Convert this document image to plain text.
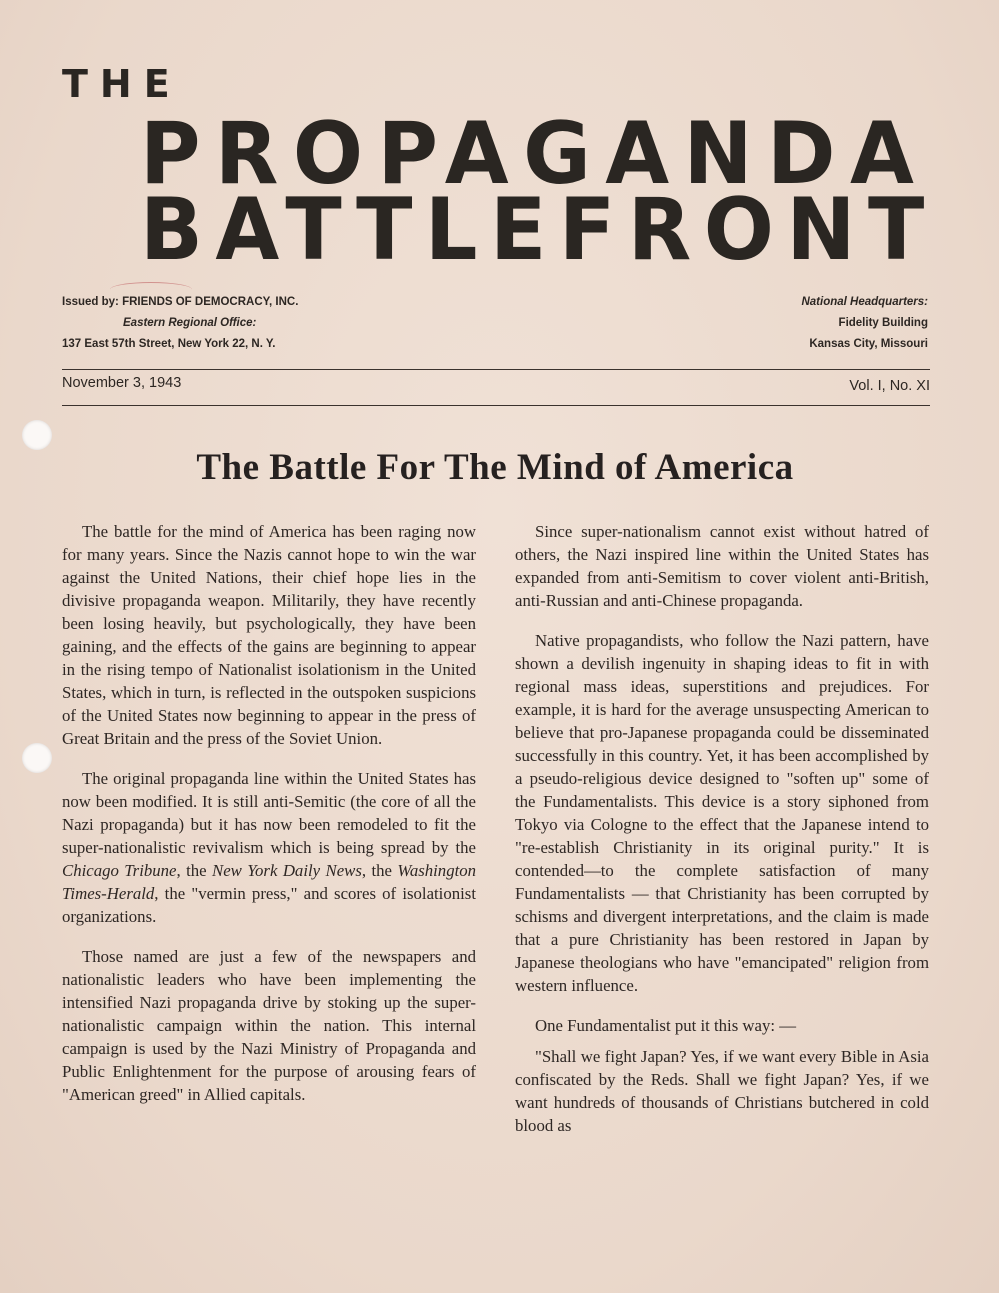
THE
PROPAGANDA
BATTLEFRONT
Issued by: FRIENDS OF DEMOCRACY, INC.
Eastern Regional Office:
137 East 57th Street, New York 22, N. Y.
National Headquarters:
Fidelity Building
Kansas City, Missouri
November 3, 1943	Vol. I, No. XI
The Battle For The Mind of America

The battle for the mind of America has been raging now for many years. Since the Nazis cannot hope to win the war against the United Nations, their chief hope lies in the divisive propaganda weapon. Militarily, they have recently been losing heavily, but psychologically, they have been gaining, and the effects of the gains are beginning to appear in the rising tempo of Nationalist isolationism in the United States, which in turn, is reflected in the outspoken suspicions of the United States now beginning to appear in the press of Great Britain and the press of the Soviet Union.

The original propaganda line within the United States has now been modified. It is still anti-Semitic (the core of all the Nazi propaganda) but it has now been remodeled to fit the super-nationalistic revivalism which is being spread by the Chicago Tribune, the New York Daily News, the Washington Times-Herald, the "vermin press," and scores of isolationist organizations.

Those named are just a few of the newspapers and nationalistic leaders who have been implementing the intensified Nazi propaganda drive by stoking up the super-nationalistic campaign within the nation. This internal campaign is used by the Nazi Ministry of Propaganda and Public Enlightenment for the purpose of arousing fears of "American greed" in Allied capitals.

Since super-nationalism cannot exist without hatred of others, the Nazi inspired line within the United States has expanded from anti-Semitism to cover violent anti-British, anti-Russian and anti-Chinese propaganda.

Native propagandists, who follow the Nazi pattern, have shown a devilish ingenuity in shaping ideas to fit in with regional mass ideas, superstitions and prejudices. For example, it is hard for the average unsuspecting American to believe that pro-Japanese propaganda could be disseminated successfully in this country. Yet, it has been accomplished by a pseudo-religious device designed to "soften up" some of the Fundamentalists. This device is a story siphoned from Tokyo via Cologne to the effect that the Japanese intend to "re-establish Christianity in its original purity." It is contended—to the complete satisfaction of many Fundamentalists — that Christianity has been corrupted by schisms and divergent interpretations, and the claim is made that a pure Christianity has been restored in Japan by Japanese theologians who have "emancipated" religion from western influence.

One Fundamentalist put it this way: —

"Shall we fight Japan? Yes, if we want every Bible in Asia confiscated by the Reds. Shall we fight Japan? Yes, if we want hundreds of thousands of Christians butchered in cold blood as
